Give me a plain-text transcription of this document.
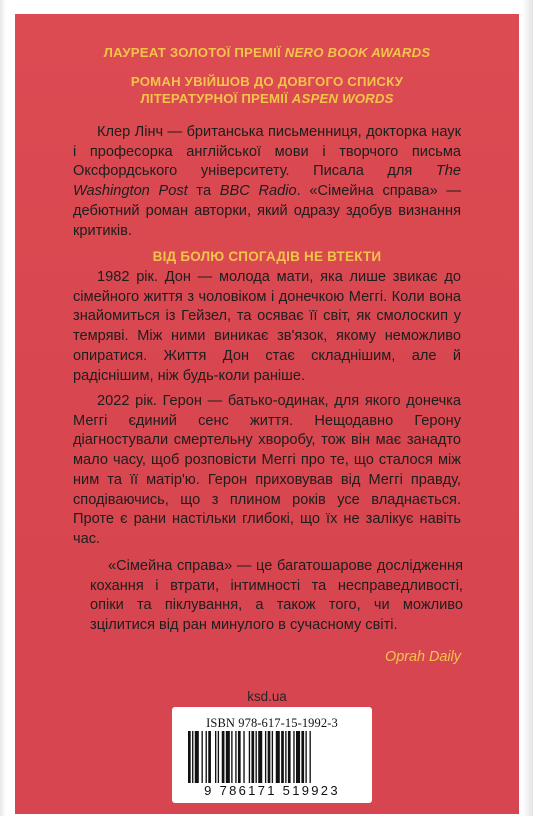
ЛАУРЕАТ ЗОЛОТОЇ ПРЕМІЇ NERO BOOK AWARDS
РОМАН УВІЙШОВ ДО ДОВГОГО СПИСКУ
ЛІТЕРАТУРНОЇ ПРЕМІЇ ASPEN WORDS

Клер Лінч — британська письменниця, докторка наук і професорка англійської мови і творчого письма Оксфордського університету. Писала для The Washington Post та BBC Radio. «Сімейна справа» — дебютний роман авторки, який одразу здобув визнання критиків.

ВІД БОЛЮ СПОГАДІВ НЕ ВТЕКТИ

1982 рік. Дон — молода мати, яка лише звикає до сімейного життя з чоловіком і донечкою Меггі. Коли вона знайомиться із Гейзел, та осяває її світ, як смолоскип у темряві. Між ними виникає зв'язок, якому неможливо опиратися. Життя Дон стає складнішим, але й радіснішим, ніж будь-коли раніше.

2022 рік. Герон — батько-одинак, для якого донечка Меггі єдиний сенс життя. Нещодавно Герону діагностували смертельну хворобу, тож він має занадто мало часу, щоб розповісти Меггі про те, що сталося між ним та її матір'ю. Герон приховував від Меггі правду, сподіваючись, що з плином років усе владнається. Проте є рани настільки глибокі, що їх не залікує навіть час.

«Сімейна справа» — це багатошарове дослідження кохання і втрати, інтимності та несправедливості, опіки та піклування, а також того, чи можливо зцілитися від ран минулого в сучасному світі.

Oprah Daily
ksd.ua
ISBN 978-617-15-1992-3
9 786171 519923
